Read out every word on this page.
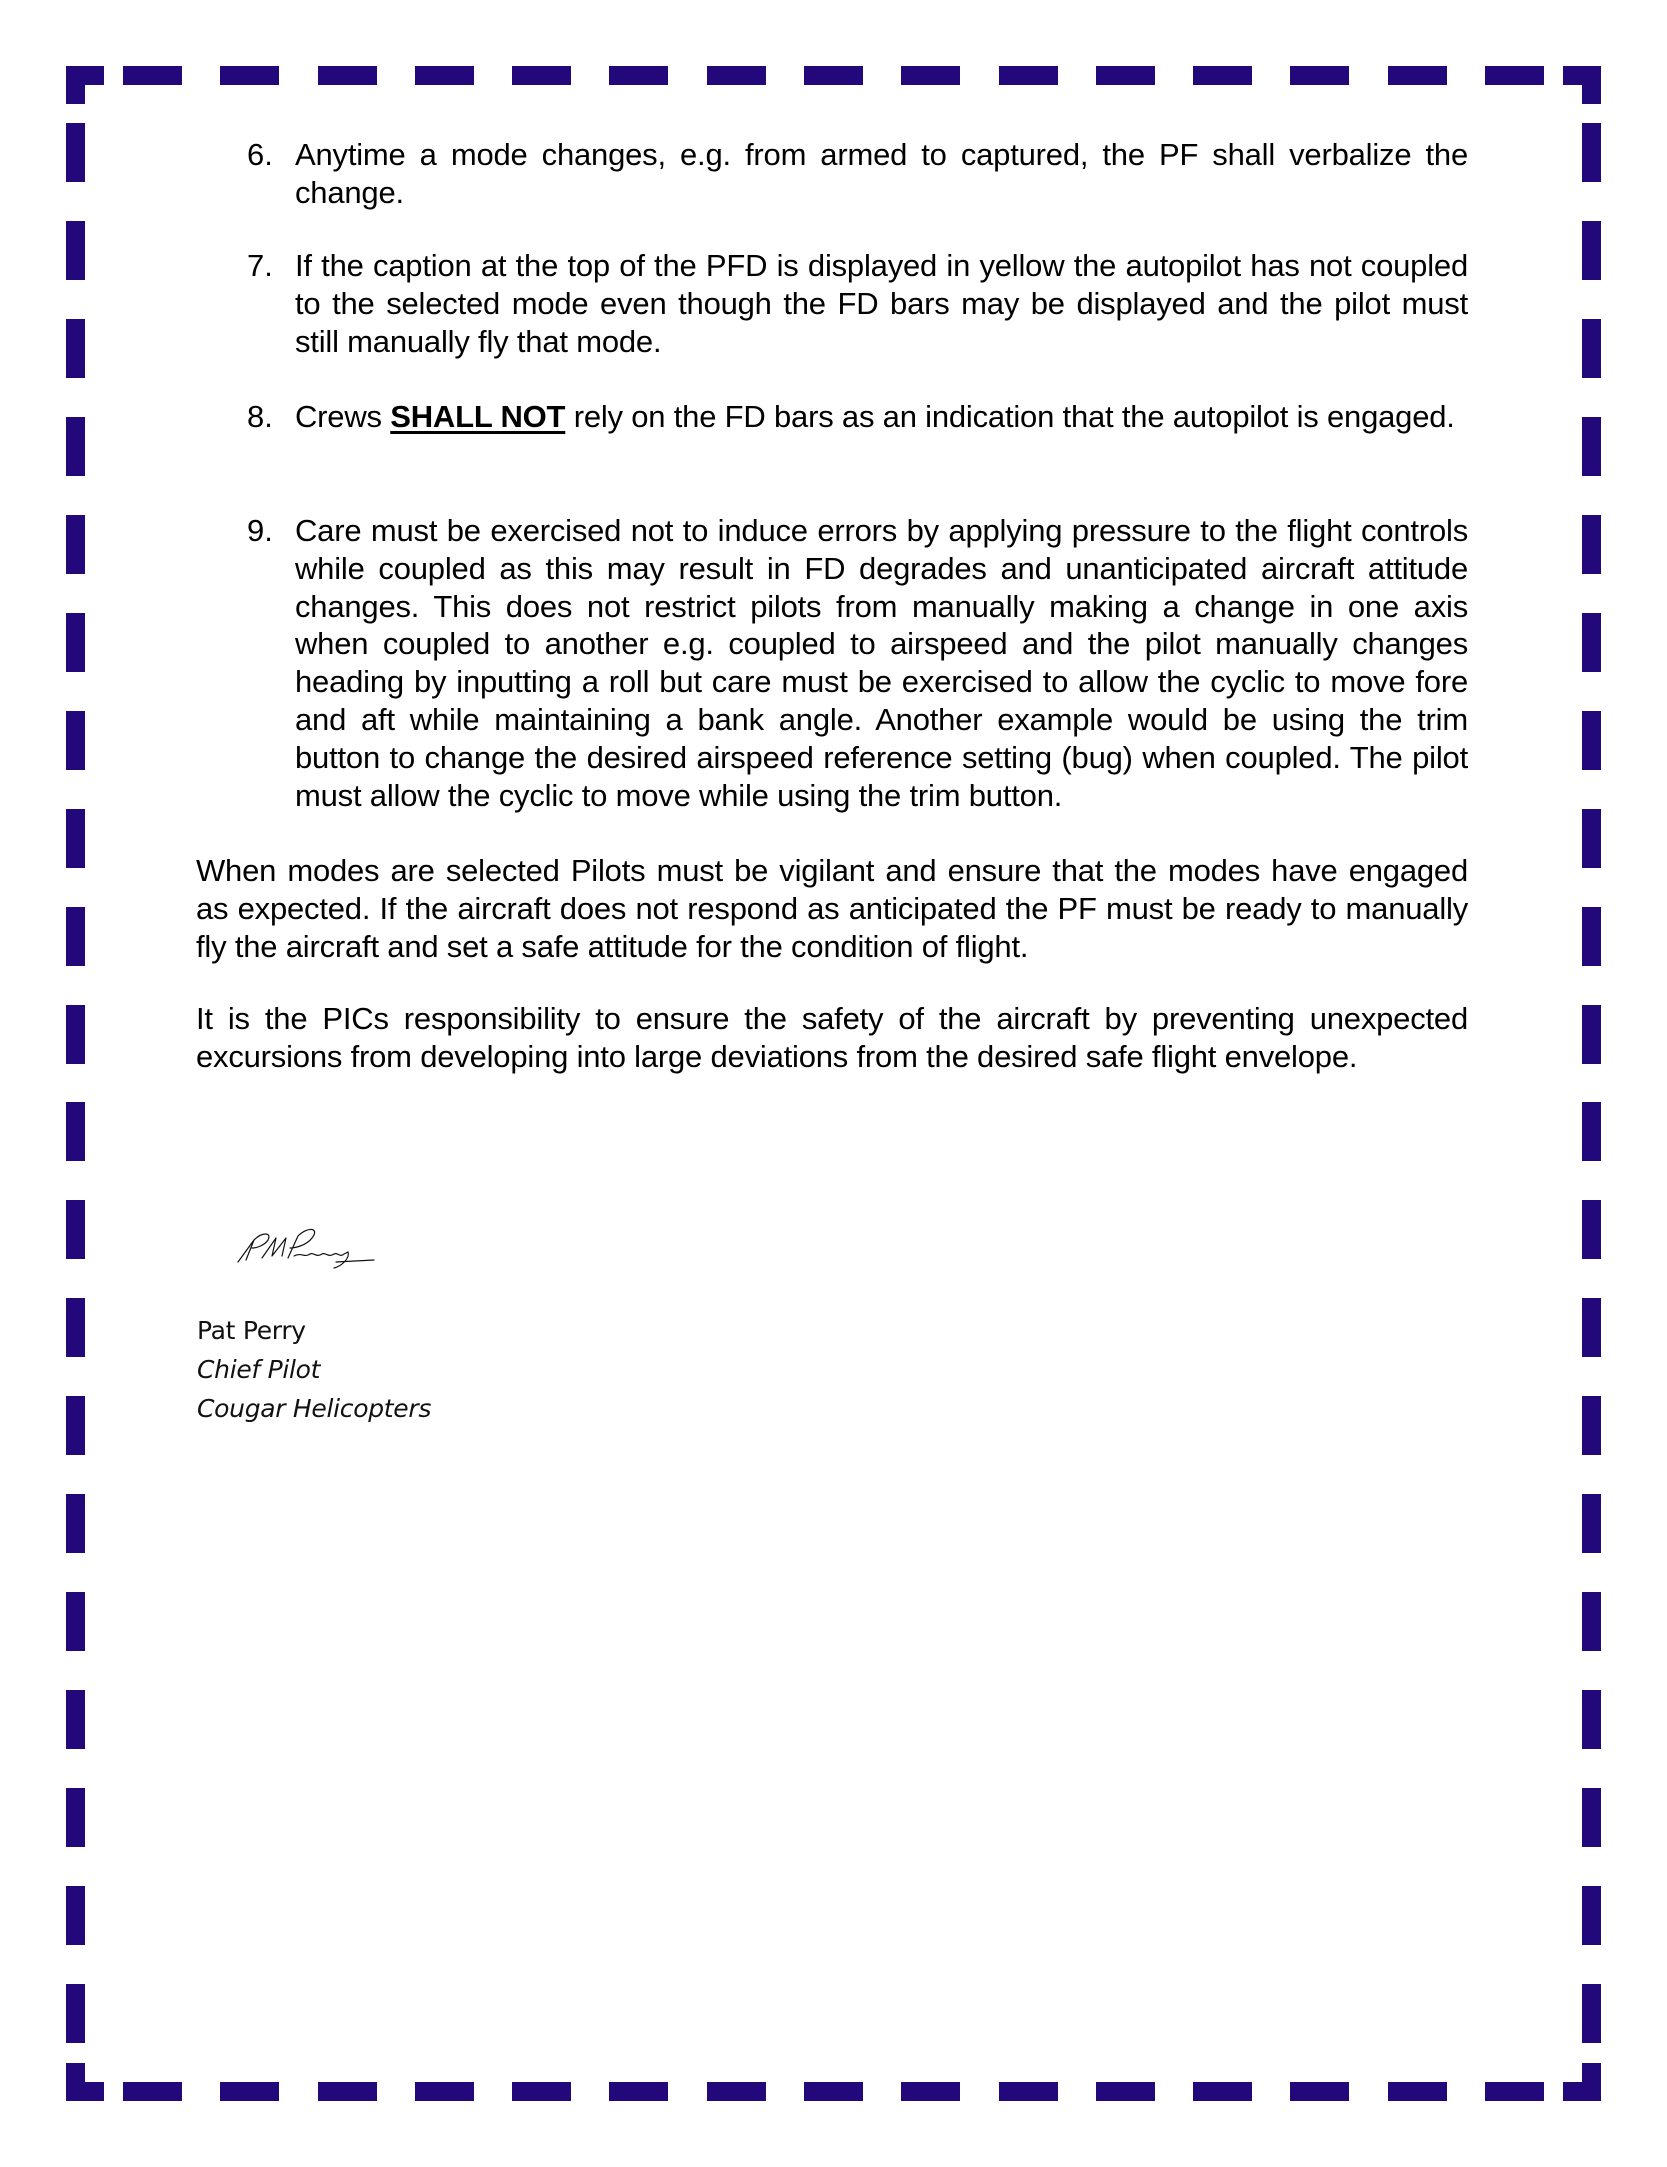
6. Anytime a mode changes, e.g. from armed to captured, the PF shall verbalize the change.
7. If the caption at the top of the PFD is displayed in yellow the autopilot has not coupled to the selected mode even though the FD bars may be displayed and the pilot must still manually fly that mode.
8. Crews SHALL NOT rely on the FD bars as an indication that the autopilot is engaged.
9. Care must be exercised not to induce errors by applying pressure to the flight controls while coupled as this may result in FD degrades and unanticipated aircraft attitude changes. This does not restrict pilots from manually making a change in one axis when coupled to another e.g. coupled to airspeed and the pilot manually changes heading by inputting a roll but care must be exercised to allow the cyclic to move fore and aft while maintaining a bank angle. Another example would be using the trim button to change the desired airspeed reference setting (bug) when coupled. The pilot must allow the cyclic to move while using the trim button.
When modes are selected Pilots must be vigilant and ensure that the modes have engaged as expected. If the aircraft does not respond as anticipated the PF must be ready to manually fly the aircraft and set a safe attitude for the condition of flight.
It is the PICs responsibility to ensure the safety of the aircraft by preventing unexpected excursions from developing into large deviations from the desired safe flight envelope.
Pat Perry
Chief Pilot
Cougar Helicopters
